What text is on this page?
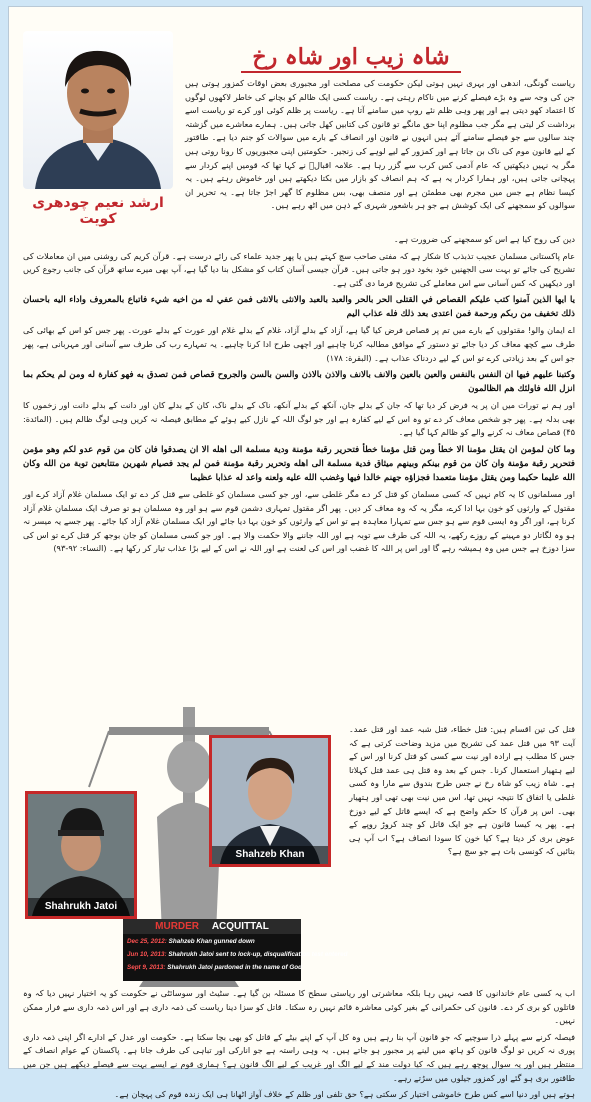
شاہ زیب اور شاہ رخ
ارشد نعیم چودھری کویت

ریاست گونگی، اندھی اور بہری نہیں ہوتی لیکن حکومت کی مصلحت اور مجبوری بعض اوقات کمزور ہوتی ہیں جن کی وجہ سے وہ بڑے فیصلے کرنے میں ناکام رہتی ہے۔ ریاست کسی ایک ظالم کو بچانے کی خاطر لاکھوں لوگوں کا اعتماد کھو دیتی ہے اور پھر وہی ظلم نئے روپ میں سامنے آتا ہے۔ ریاست پر ظلم کوئی اور کرے تو ریاست اسے برداشت کر لیتی ہے مگر جب مظلوم اپنا حق مانگے تو قانون کی کتابیں کھل جاتی ہیں۔ ہمارے معاشرے میں گزشتہ چند سالوں سے جو فیصلے سامنے آئے ہیں انہوں نے قانون اور انصاف کے بارے میں سوالات کو جنم دیا ہے۔ طاقتور کے لیے قانون موم کی ناک بن جاتا ہے اور کمزور کے لیے لوہے کی زنجیر۔ حکومتیں اپنی مجبوریوں کا رونا روتی ہیں مگر یہ نہیں دیکھتیں کہ عام آدمی کس کرب سے گزر رہا ہے۔ علامہ اقبالؒ نے کہا تھا کہ قومیں اپنے کردار سے پہچانی جاتی ہیں، اور ہمارا کردار یہ ہے کہ ہم انصاف کو بازار میں بکتا دیکھتے ہیں اور خاموش رہتے ہیں۔ یہ کیسا نظام ہے جس میں مجرم بھی مطمئن ہے اور منصف بھی، بس مظلوم کا گھر اجڑ جاتا ہے۔ یہ تحریر ان سوالوں کو سمجھنے کی ایک کوشش ہے جو ہر باشعور شہری کے ذہن میں اٹھ رہے ہیں۔

دین کی روح کیا ہے اس کو سمجھنے کی ضرورت ہے۔

عام پاکستانی مسلمان عجیب تذبذب کا شکار ہے کہ مفتی صاحب سچ کہتے ہیں یا پھر جدید علماء کی رائے درست ہے۔ قرآن کریم کی روشنی میں ان معاملات کی تشریح کی جائے تو بہت سی الجھنیں خود بخود دور ہو جاتی ہیں۔ قرآن جیسی آسان کتاب کو مشکل بنا دیا گیا ہے، آپ بھی میرے ساتھ قرآن کی جانب رجوع کریں اور دیکھیں کہ کس آسانی سے اس معاملے کی تشریح فرما دی گئی ہے۔

يا ايها الذين آمنوا كتب عليكم القصاص في القتلى الحر بالحر والعبد بالعبد والانثى بالانثى فمن عفي له من اخيه شيء فاتباع بالمعروف واداء اليه باحسان ذلك تخفيف من ربكم ورحمة فمن اعتدى بعد ذلك فله عذاب اليم

اے ایمان والو! مقتولوں کے بارے میں تم پر قصاص فرض کیا گیا ہے، آزاد کے بدلے آزاد، غلام کے بدلے غلام اور عورت کے بدلے عورت۔ پھر جس کو اس کے بھائی کی طرف سے کچھ معاف کر دیا جائے تو دستور کے موافق مطالبہ کرنا چاہیے اور اچھی طرح ادا کرنا چاہیے۔ یہ تمہارے رب کی طرف سے آسانی اور مہربانی ہے، پھر جو اس کے بعد زیادتی کرے تو اس کے لیے دردناک عذاب ہے۔ (البقرة: ۱۷۸)

وكتبنا عليهم فيها ان النفس بالنفس والعين بالعين والانف بالانف والاذن بالاذن والسن بالسن والجروح قصاص فمن تصدق به فهو كفارة له ومن لم يحكم بما انزل الله فاولئك هم الظالمون

اور ہم نے تورات میں ان پر یہ فرض کر دیا تھا کہ جان کے بدلے جان، آنکھ کے بدلے آنکھ، ناک کے بدلے ناک، کان کے بدلے کان اور دانت کے بدلے دانت اور زخموں کا بھی بدلہ ہے۔ پھر جو شخص معاف کر دے تو وہ اس کے لیے کفارہ ہے اور جو لوگ اللہ کے نازل کیے ہوئے کے مطابق فیصلہ نہ کریں وہی لوگ ظالم ہیں۔ (المائدة: ۴۵) قصاص معاف نہ کرنے والے کو ظالم کہا گیا ہے۔

وما كان لمؤمن ان يقتل مؤمنا الا خطأ ومن قتل مؤمنا خطأ فتحرير رقبة مؤمنة ودية مسلمة الى اهله الا ان يصدقوا فان كان من قوم عدو لكم وهو مؤمن فتحرير رقبة مؤمنة وان كان من قوم بينكم وبينهم ميثاق فدية مسلمة الى اهله وتحرير رقبة مؤمنة فمن لم يجد فصيام شهرين متتابعين توبة من الله وكان الله عليما حكيما ومن يقتل مؤمنا متعمدا فجزاؤه جهنم خالدا فيها وغضب الله عليه ولعنه واعد له عذابا عظيما

اور مسلمانوں کا یہ کام نہیں کہ کسی مسلمان کو قتل کر دے مگر غلطی سے، اور جو کسی مسلمان کو غلطی سے قتل کر دے تو ایک مسلمان غلام آزاد کرے اور مقتول کے وارثوں کو خون بہا ادا کرے، مگر یہ کہ وہ معاف کر دیں۔ پھر اگر مقتول تمہاری دشمن قوم سے ہو اور وہ مسلمان ہو تو صرف ایک مسلمان غلام آزاد کرنا ہے، اور اگر وہ ایسی قوم سے ہو جس سے تمہارا معاہدہ ہے تو اس کے وارثوں کو خون بہا دیا جائے اور ایک مسلمان غلام آزاد کیا جائے۔ پھر جسے یہ میسر نہ ہو وہ لگاتار دو مہینے کے روزے رکھے، یہ اللہ کی طرف سے توبہ ہے اور اللہ جاننے والا حکمت والا ہے۔ اور جو کسی مسلمان کو جان بوجھ کر قتل کرے تو اس کی سزا دوزخ ہے جس میں وہ ہمیشہ رہے گا اور اس پر اللہ کا غضب اور اس کی لعنت ہے اور اللہ نے اس کے لیے بڑا عذاب تیار کر رکھا ہے۔ (النساء: ۹۲-۹۳)

Shahzeb Khan
Shahrukh Jatoi
MURDER ACQUITTAL
Dec 25, 2012: Shahzeb Khan gunned down
Jun 10, 2013: Shahrukh Jatoi sent to lock-up, disqualification test entered
Sept 9, 2013: Shahrukh Jatoi pardoned in the name of God

قتل کی تین اقسام ہیں: قتل خطاء، قتل شبہ عمد اور قتل عمد۔ آیت ۹۳ میں قتل عمد کی تشریح میں مزید وضاحت کرتی ہے کہ جس کا مطلب ہے ارادہ اور نیت سے کسی کو قتل کرنا اور اس کے لیے ہتھیار استعمال کرنا۔ جس کے بعد وہ قتل ہی عمد قتل کہلاتا ہے۔ شاہ زیب کو شاہ رخ نے جس طرح بندوق سے مارا وہ کسی غلطی یا اتفاق کا نتیجہ نہیں تھا، اس میں نیت بھی تھی اور ہتھیار بھی۔ اس پر قرآن کا حکم واضح ہے کہ ایسے قاتل کے لیے دوزخ ہے۔ پھر یہ کیسا قانون ہے جو ایک قاتل کو چند کروڑ روپے کے عوض بری کر دیتا ہے؟ کیا خون کا سودا انصاف ہے؟ اب آپ ہی بتائیں کہ کونسی بات ہے جو سچ ہے؟

اب یہ کسی عام خاندانوں کا قصہ نہیں رہا بلکہ معاشرتی اور ریاستی سطح کا مسئلہ بن گیا ہے۔ سٹیٹ اور سوسائٹی نے حکومت کو یہ اختیار نہیں دیا کہ وہ قاتلوں کو بری کر دے۔ قانون کی حکمرانی کے بغیر کوئی معاشرہ قائم نہیں رہ سکتا۔ قاتل کو سزا دینا ریاست کی ذمہ داری ہے اور اس ذمہ داری سے فرار ممکن نہیں۔

فیصلہ کرنے سے پہلے ذرا سوچیے کہ جو قانون آپ بنا رہے ہیں وہ کل آپ کے اپنے بیٹے کے قاتل کو بھی بچا سکتا ہے۔ حکومت اور عدل کے ادارے اگر اپنی ذمہ داری پوری نہ کریں تو لوگ قانون کو ہاتھ میں لینے پر مجبور ہو جاتے ہیں۔ یہ وہی راستہ ہے جو انارکی اور تباہی کی طرف جاتا ہے۔ پاکستان کے عوام انصاف کے منتظر ہیں اور یہ سوال پوچھ رہے ہیں کہ کیا دولت مند کے لیے الگ اور غریب کے لیے الگ قانون ہے؟ ہماری قوم نے ایسے بہت سے فیصلے دیکھے ہیں جن میں طاقتور بری ہو گئے اور کمزور جیلوں میں سڑتے رہے۔

ہوتے ہیں اور دنیا اسے کس طرح خاموشی اختیار کر سکتی ہے؟ حق تلفی اور ظلم کے خلاف آواز اٹھانا ہی ایک زندہ قوم کی پہچان ہے۔
